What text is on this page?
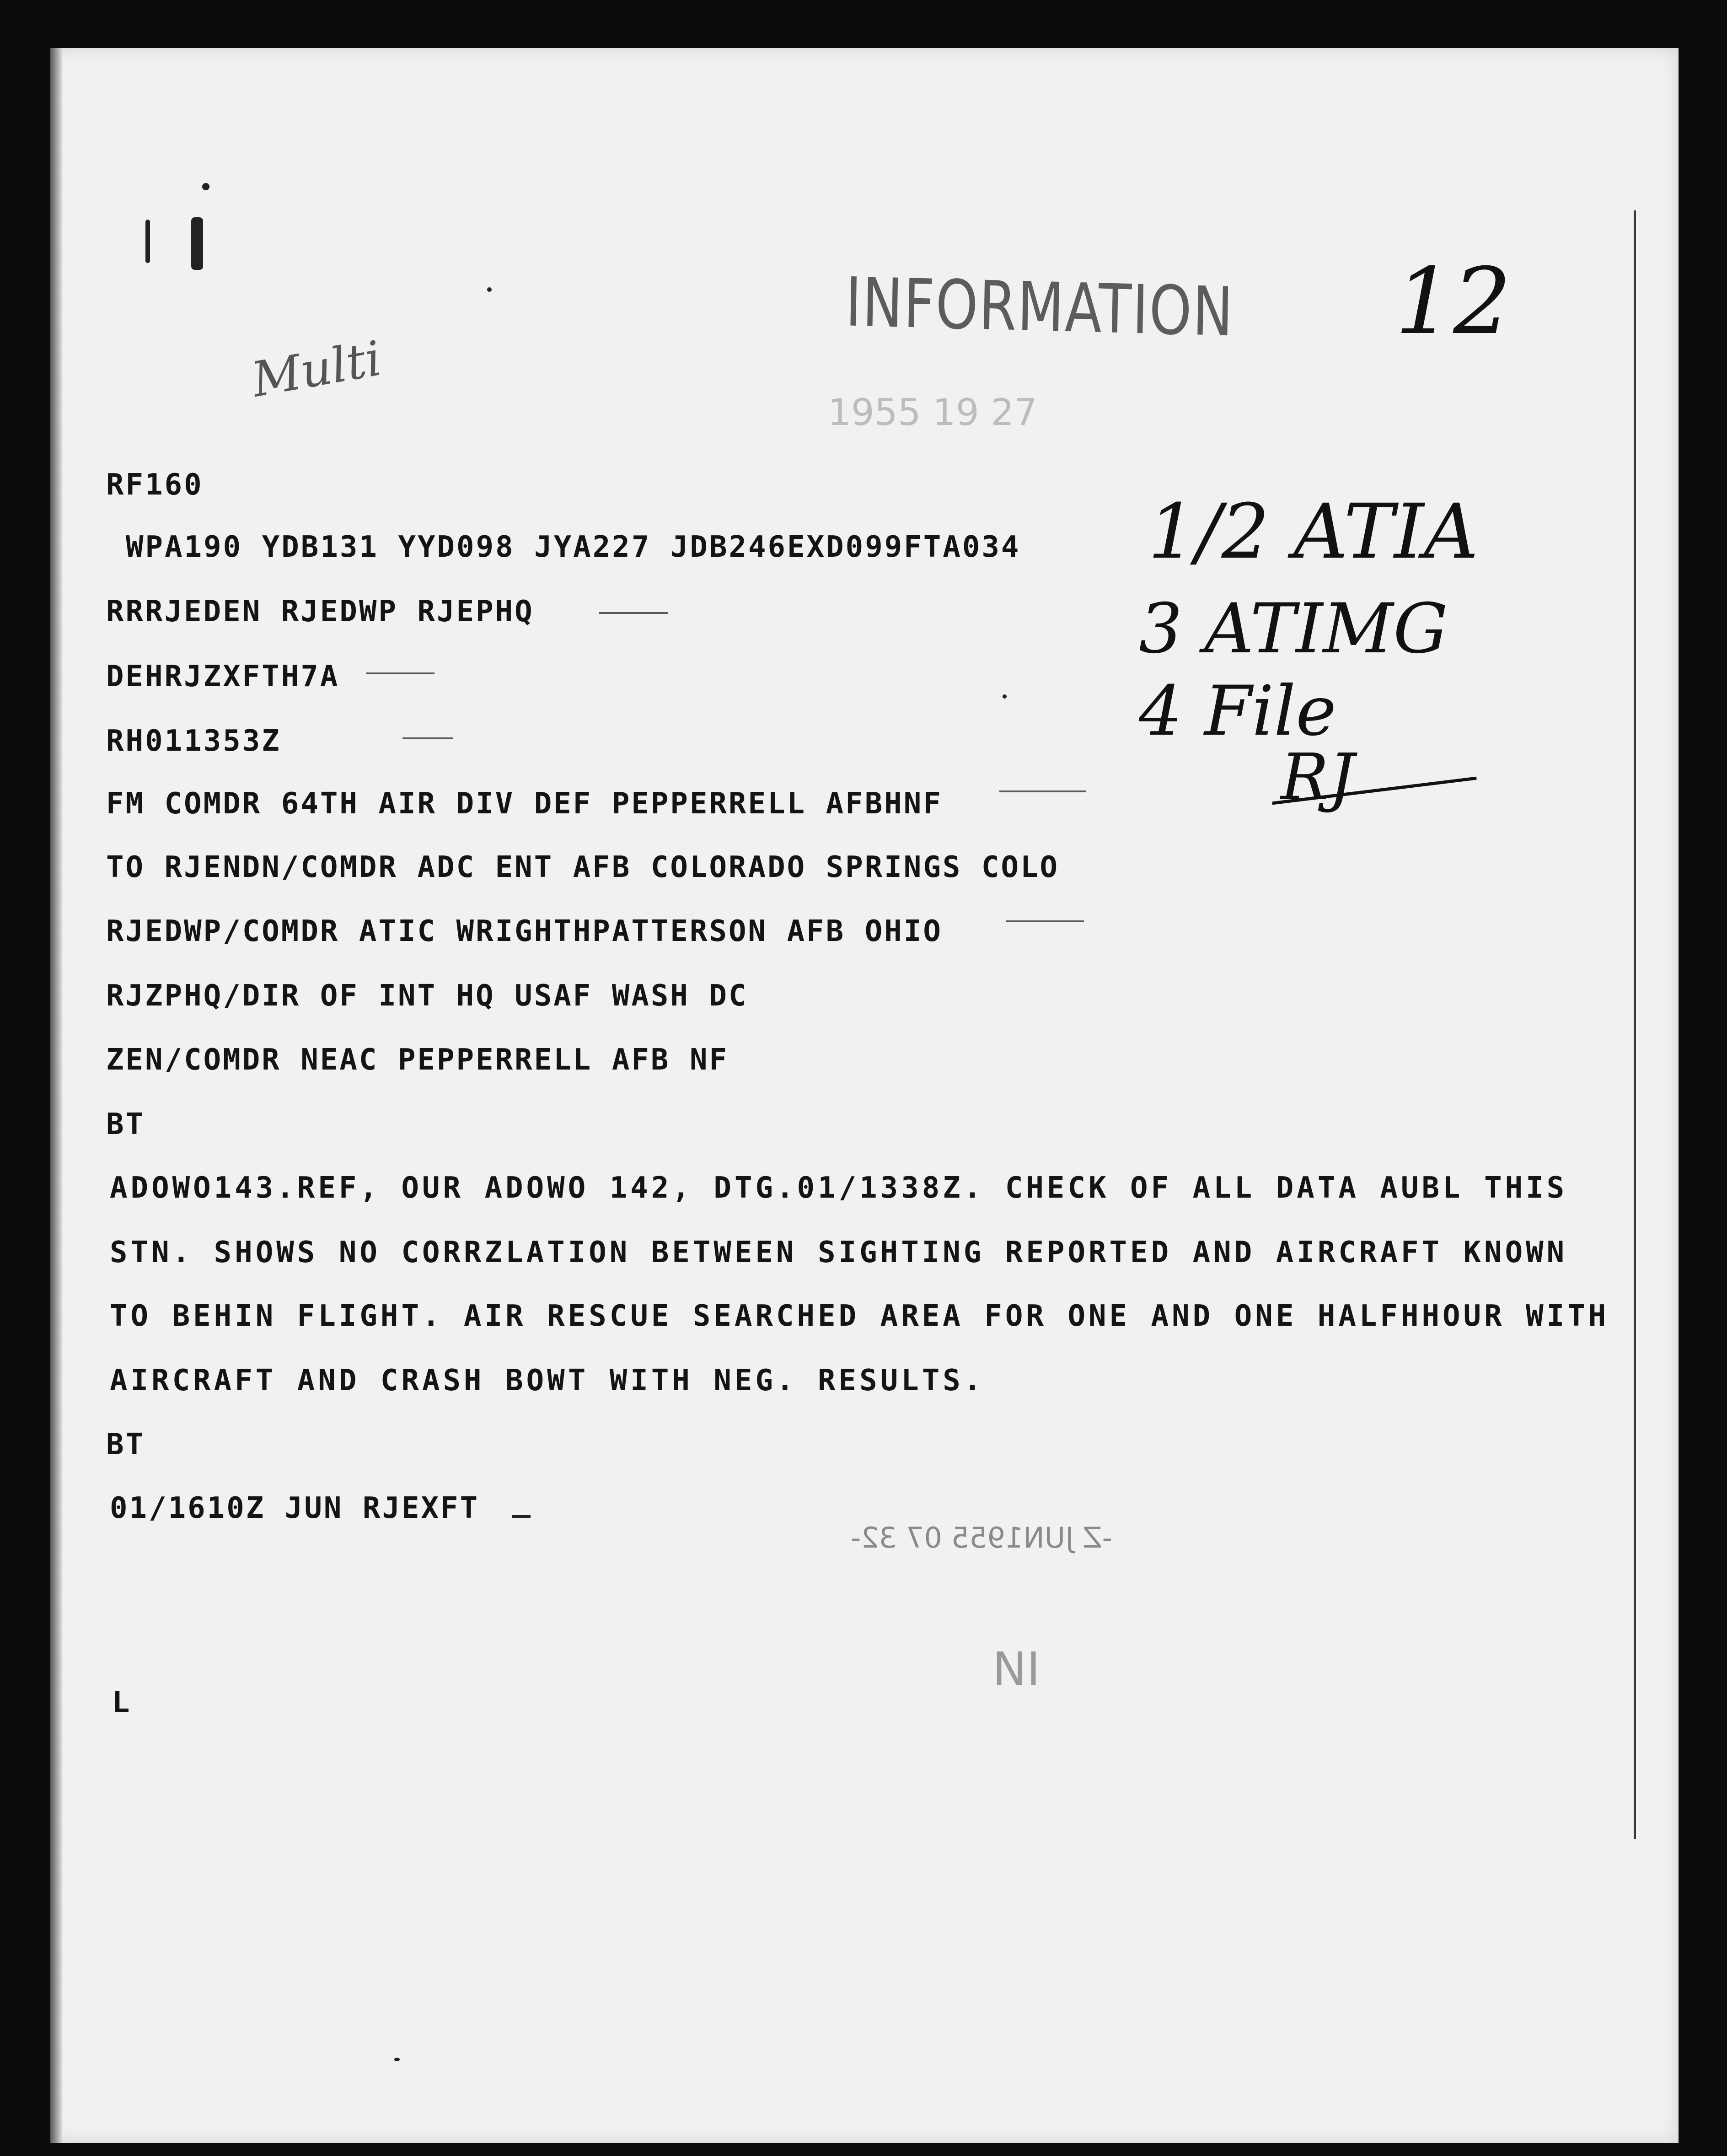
INFORMATION
1955 19 27
12
Multi
1/2 ATIA
3 ATIMG
4 File
RJ
RF160
WPA190 YDB131 YYD098 JYA227 JDB246EXD099FTA034
RRRJEDEN RJEDWP RJEPHQ
DEHRJZXFTH7A
RH011353Z
FM COMDR 64TH AIR DIV DEF PEPPERRELL AFBHNF
TO RJENDN/COMDR ADC ENT AFB COLORADO SPRINGS COLO
RJEDWP/COMDR ATIC WRIGHTHPATTERSON AFB OHIO
RJZPHQ/DIR OF INT HQ USAF WASH DC
ZEN/COMDR NEAC PEPPERRELL AFB NF
BT
ADOWO143.REF, OUR ADOWO 142, DTG.01/1338Z. CHECK OF ALL DATA AUBL THIS
STN. SHOWS NO CORRZLATION BETWEEN SIGHTING REPORTED AND AIRCRAFT KNOWN
TO BEHIN FLIGHT. AIR RESCUE SEARCHED AREA FOR ONE AND ONE HALFHHOUR WITH
AIRCRAFT AND CRASH BOWT WITH NEG. RESULTS.
BT
01/1610Z JUN RJEXFT
-Z JUN1955 07 32-
NI
L
